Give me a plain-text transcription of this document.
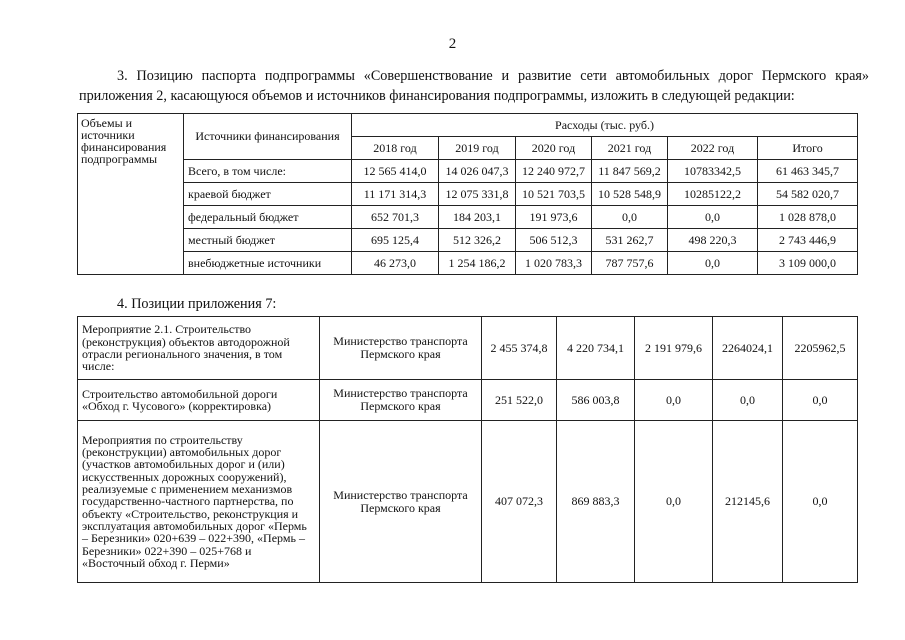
2
3. Позицию паспорта подпрограммы «Совершенствование и развитие сети автомобильных дорог Пермского края» приложения 2, касающуюся объемов и источников финансирования подпрограммы, изложить в следующей редакции:
Объемы и источники финансирования подпрограммы	Источники финансирования	Расходы (тыс. руб.)					
		2018 год	2019 год	2020 год	2021 год	2022 год	Итого
	Всего, в том числе:	12 565 414,0	14 026 047,3	12 240 972,7	11 847 569,2	10783342,5	61 463 345,7
	краевой бюджет	11 171 314,3	12 075 331,8	10 521 703,5	10 528 548,9	10285122,2	54 582 020,7
	федеральный бюджет	652 701,3	184 203,1	191 973,6	0,0	0,0	1 028 878,0
	местный бюджет	695 125,4	512 326,2	506 512,3	531 262,7	498 220,3	2 743 446,9
	внебюджетные источники	46 273,0	1 254 186,2	1 020 783,3	787 757,6	0,0	3 109 000,0
4. Позиции приложения 7:
Мероприятие 2.1. Строительство (реконструкция) объектов автодорожной отрасли регионального значения, в том числе:	Министерство транспорта Пермского края	2 455 374,8	4 220 734,1	2 191 979,6	2264024,1	2205962,5
Строительство автомобильной дороги «Обход г. Чусового» (корректировка)	Министерство транспорта Пермского края	251 522,0	586 003,8	0,0	0,0	0,0
Мероприятия по строительству (реконструкции) автомобильных дорог (участков автомобильных дорог и (или) искусственных дорожных сооружений), реализуемые с применением механизмов государственно-частного партнерства, по объекту «Строительство, реконструкция и эксплуатация автомобильных дорог «Пермь – Березники» 020+639 – 022+390, «Пермь – Березники» 022+390 – 025+768 и «Восточный обход г. Перми»	Министерство транспорта Пермского края	407 072,3	869 883,3	0,0	212145,6	0,0
